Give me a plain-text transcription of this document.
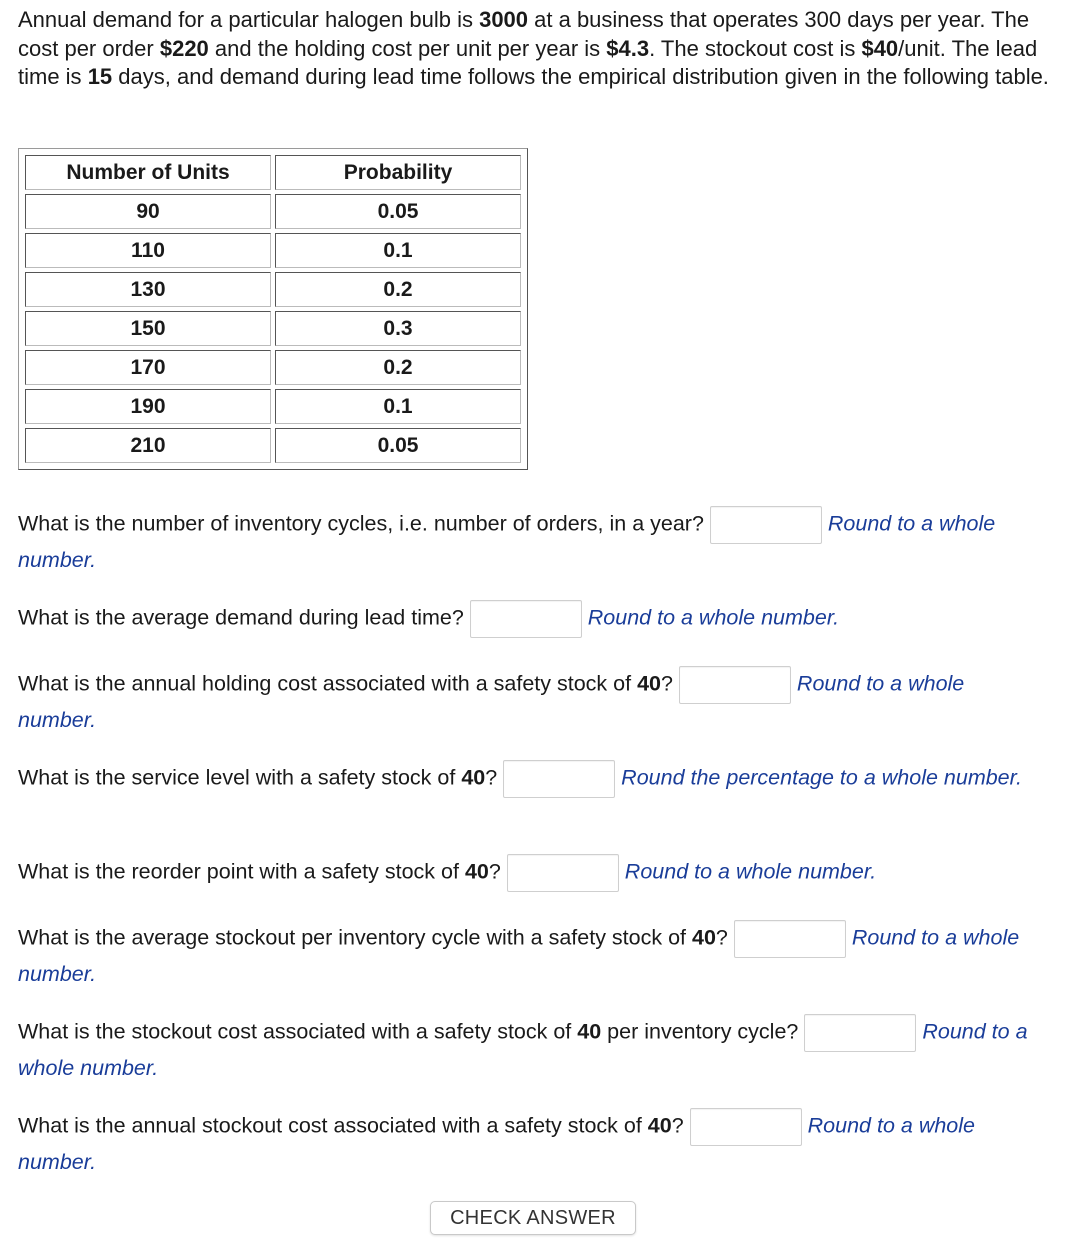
Annual demand for a particular halogen bulb is 3000 at a business that operates 300 days per year. The cost per order $220 and the holding cost per unit per year is $4.3. The stockout cost is $40/unit. The lead time is 15 days, and demand during lead time follows the empirical distribution given in the following table.

Number of Units	Probability
90	0.05
110	0.1
130	0.2
150	0.3
170	0.2
190	0.1
210	0.05
What is the number of inventory cycles, i.e. number of orders, in a year?	Round to a whole number.
What is the average demand during lead time?	Round to a whole number.
What is the annual holding cost associated with a safety stock of 40?	Round to a whole number.
What is the service level with a safety stock of 40?	Round the percentage to a whole number.
What is the reorder point with a safety stock of 40?	Round to a whole number.
What is the average stockout per inventory cycle with a safety stock of 40?	Round to a whole number.
What is the stockout cost associated with a safety stock of 40 per inventory cycle?	Round to a whole number.
What is the annual stockout cost associated with a safety stock of 40?	Round to a whole number.
CHECK ANSWER
